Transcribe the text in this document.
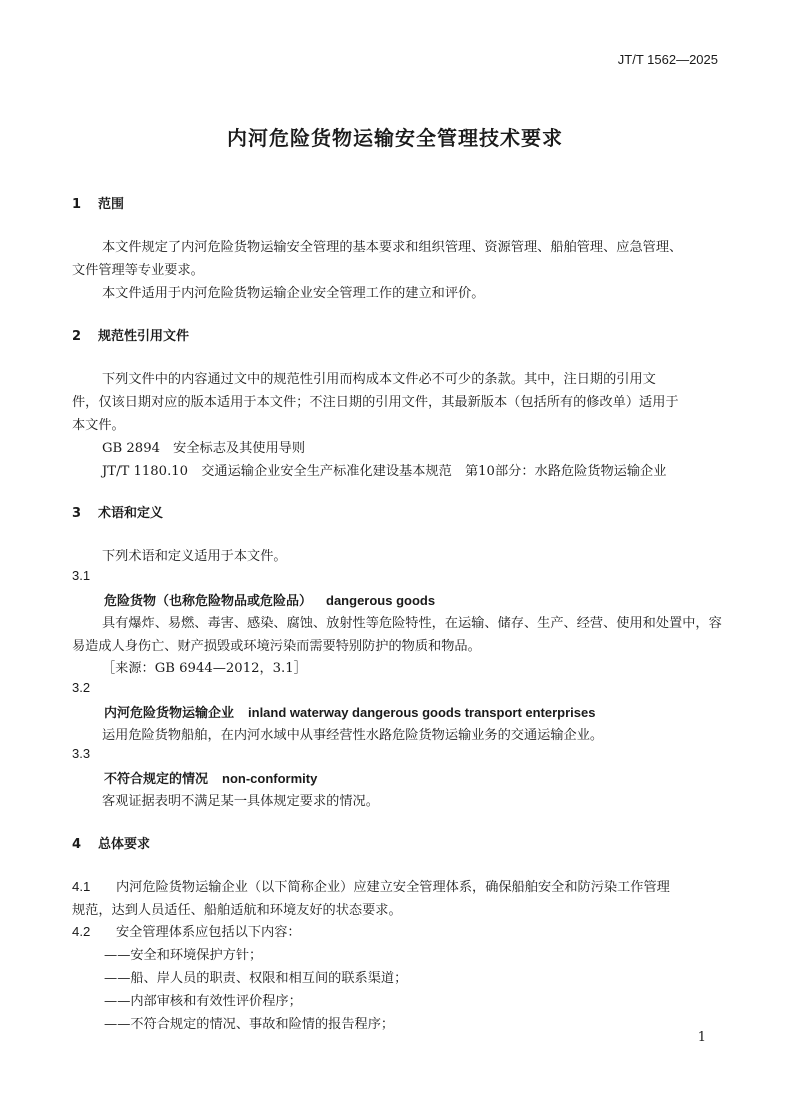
JT/T 1562—2025
内河危险货物运输安全管理技术要求
1 范围
本文件规定了内河危险货物运输安全管理的基本要求和组织管理、资源管理、船舶管理、应急管理、
文件管理等专业要求。
本文件适用于内河危险货物运输企业安全管理工作的建立和评价。
2 规范性引用文件
下列文件中的内容通过文中的规范性引用而构成本文件必不可少的条款。其中，注日期的引用文
件，仅该日期对应的版本适用于本文件；不注日期的引用文件，其最新版本（包括所有的修改单）适用于
本文件。
GB 2894　安全标志及其使用导则
JT/T 1180.10　交通运输企业安全生产标准化建设基本规范　第10部分：水路危险货物运输企业
3 术语和定义
下列术语和定义适用于本文件。
3.1
危险货物（也称危险物品或危险品） dangerous goods
具有爆炸、易燃、毒害、感染、腐蚀、放射性等危险特性，在运输、储存、生产、经营、使用和处置中，容
易造成人身伤亡、财产损毁或环境污染而需要特别防护的物质和物品。
［来源：GB 6944—2012，3.1］
3.2
内河危险货物运输企业 inland waterway dangerous goods transport enterprises
运用危险货物船舶，在内河水域中从事经营性水路危险货物运输业务的交通运输企业。
3.3
不符合规定的情况 non-conformity
客观证据表明不满足某一具体规定要求的情况。
4 总体要求
4.1 内河危险货物运输企业（以下简称企业）应建立安全管理体系，确保船舶安全和防污染工作管理
规范，达到人员适任、船舶适航和环境友好的状态要求。
4.2 安全管理体系应包括以下内容：
——安全和环境保护方针；
——船、岸人员的职责、权限和相互间的联系渠道；
——内部审核和有效性评价程序；
——不符合规定的情况、事故和险情的报告程序；
1
